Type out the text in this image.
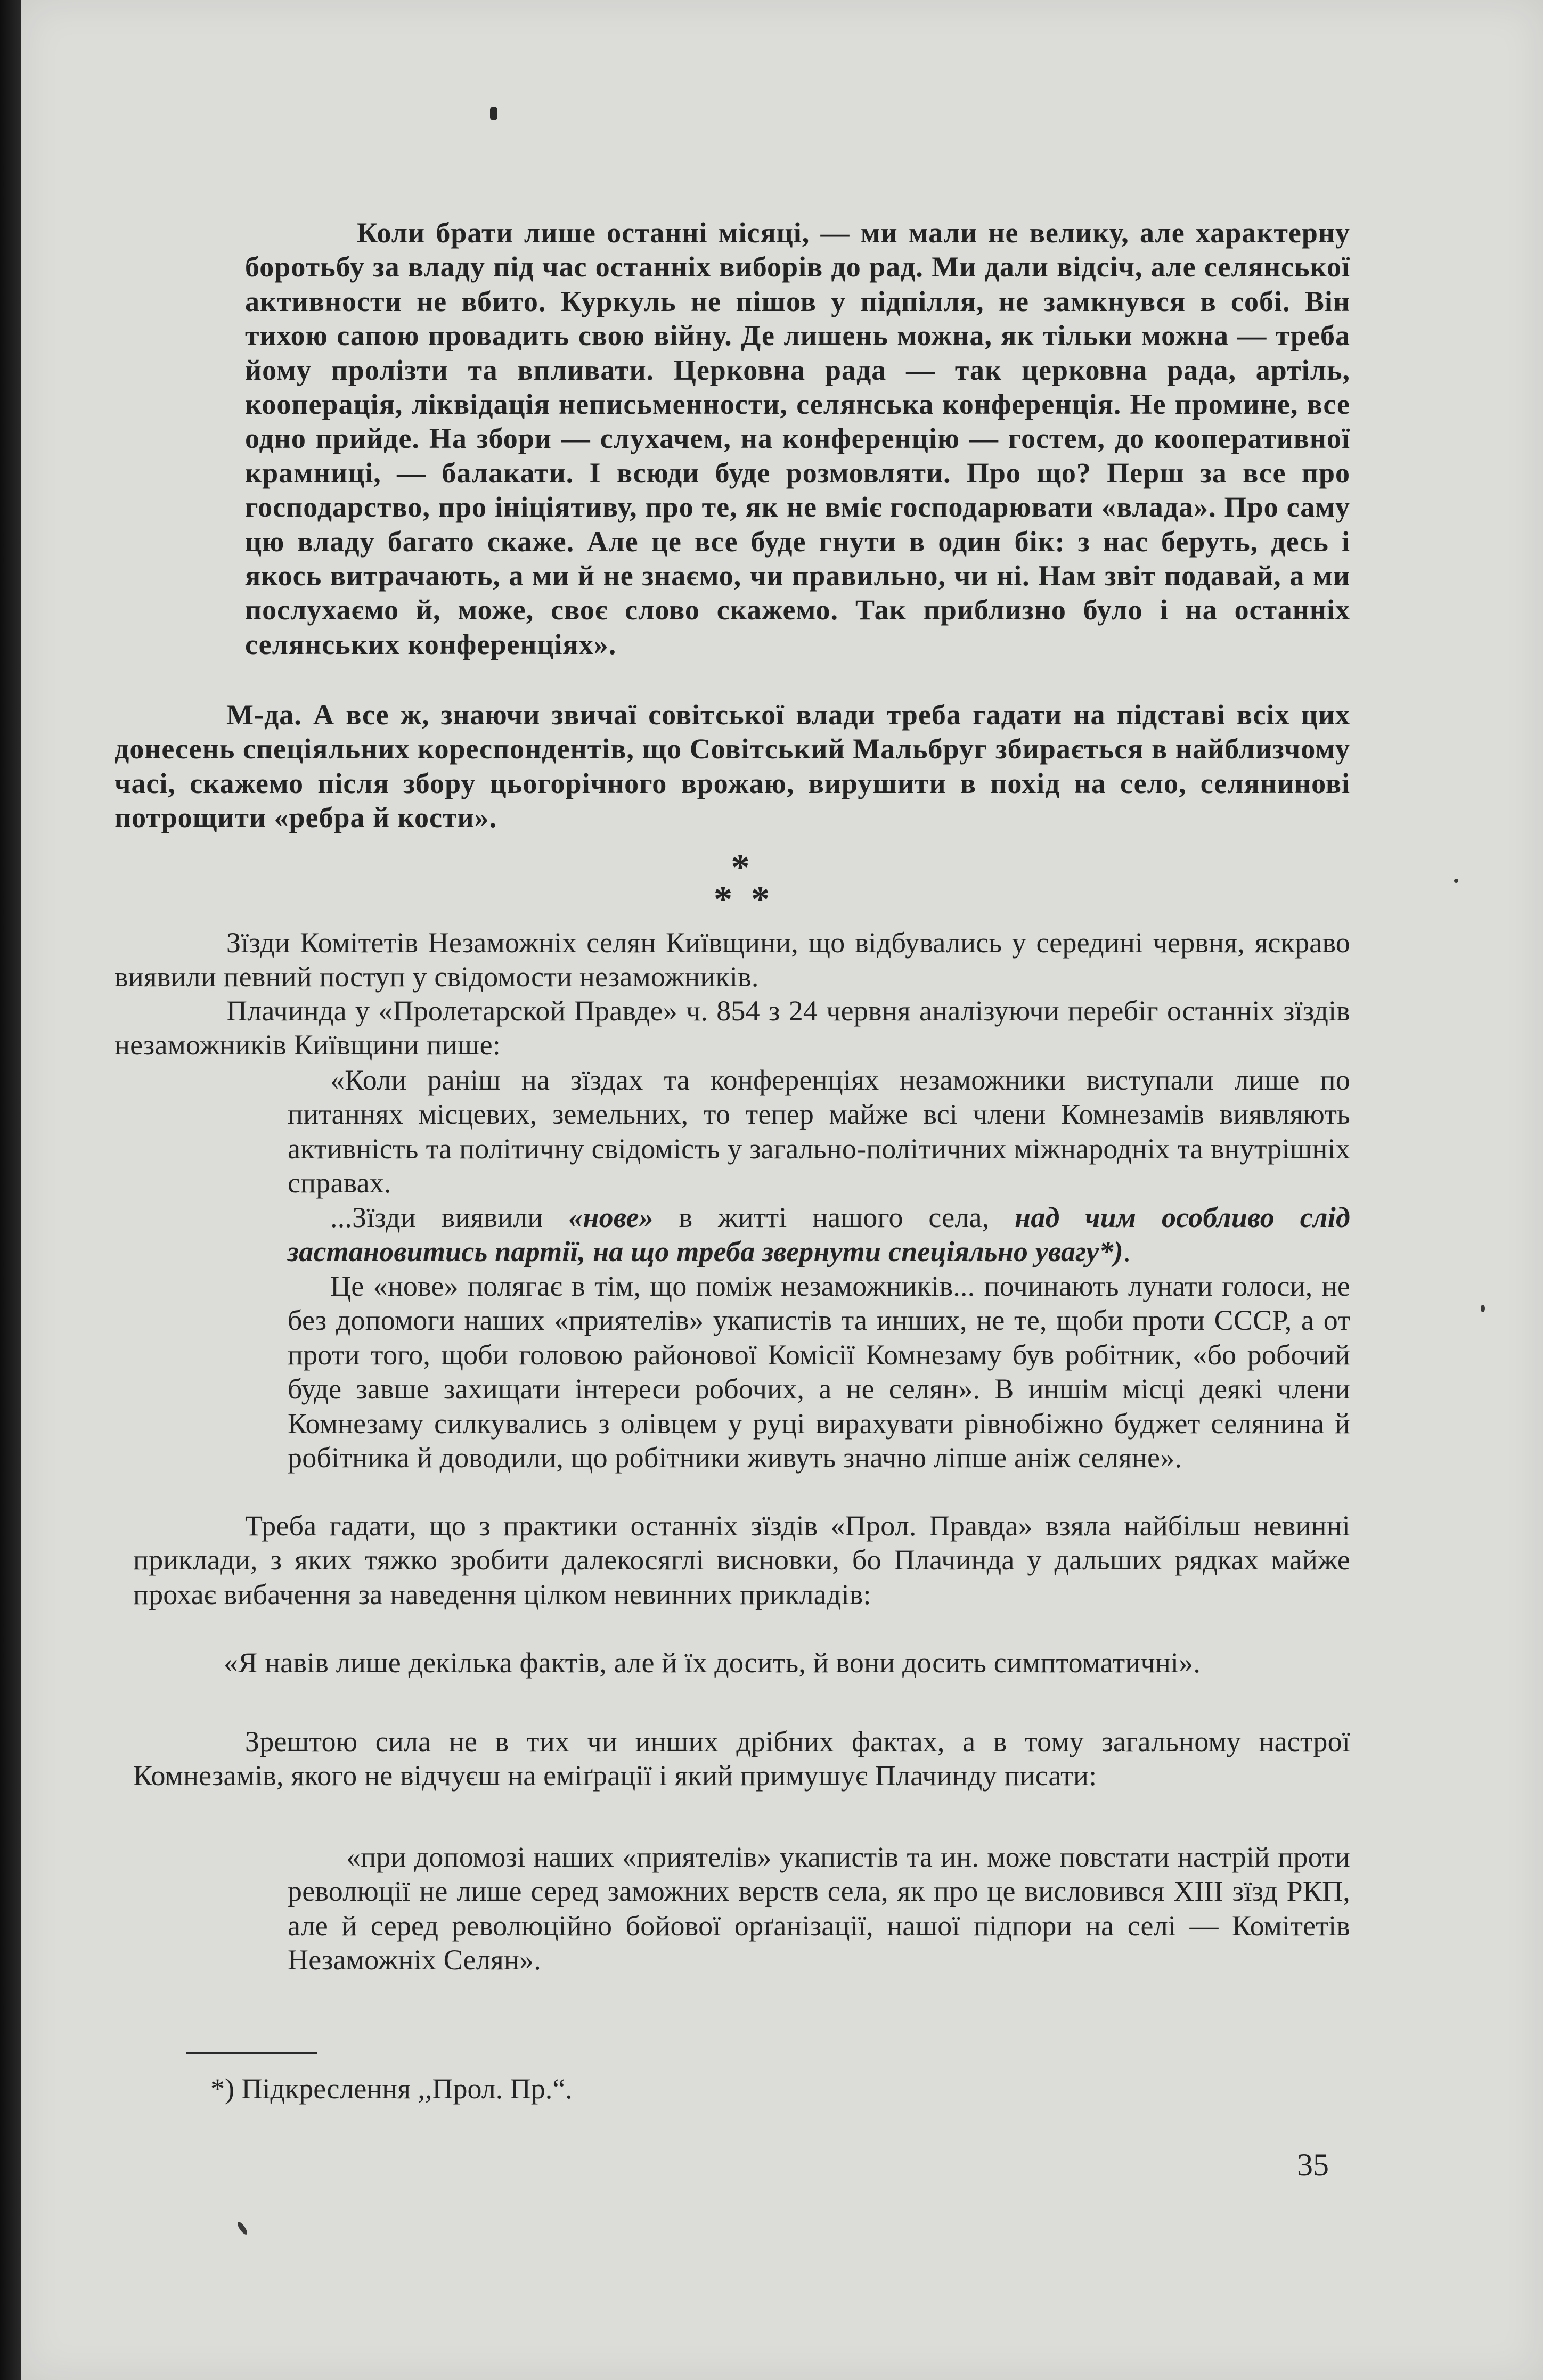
Коли брати лише останні місяці, — ми мали не велику, але характерну боротьбу за владу під час останніх виборів до рад. Ми дали відсіч, але селянської активности не вбито. Куркуль не пішов у підпілля, не замкнувся в собі. Він тихою сапою провадить свою війну. Де лишень можна, як тільки можна — треба йому пролізти та впливати. Церковна рада — так церковна рада, артіль, кооперація, ліквідація неписьменности, селянська конференція. Не промине, все одно прийде. На збори — слухачем, на конференцію — гостем, до кооперативної крамниці, — балакати. І всюди буде розмовляти. Про що? Перш за все про господарство, про ініціятиву, про те, як не вміє господарювати «влада». Про саму цю владу багато скаже. Але це все буде гнути в один бік: з нас беруть, десь і якось витрачають, а ми й не знаємо, чи правильно, чи ні. Нам звіт подавай, а ми послухаємо й, може, своє слово скажемо. Так приблизно було і на останніх селянських конференціях».

М-да. А все ж, знаючи звичаї совітської влади треба гадати на підставі всіх цих донесень спеціяльних кореспондентів, що Совітський Мальбруг збирається в найблизчому часі, скажемо після збору цьогорічного врожаю, вирушити в похід на село, селянинові потрощити «ребра й кости».

*
*  *

Зїзди Комітетів Незаможніх селян Київщини, що відбувались у середині червня, яскраво виявили певний поступ у свідомости незаможників.

Плачинда у «Пролетарской Правде» ч. 854 з 24 червня аналізуючи перебіг останніх зїздів незаможників Київщини пише:

«Коли раніш на зїздах та конференціях незаможники виступали лише по питаннях місцевих, земельних, то тепер майже всі члени Комнезамів виявляють активність та політичну свідомість у загально-політичних міжнародніх та внутрішніх справах.

...Зїзди виявили «нове» в житті нашого села, над чим особливо слід застановитись партії, на що треба звернути спеціяльно увагу*).

Це «нове» полягає в тім, що поміж незаможників... починають лунати голоси, не без допомоги наших «приятелів» укапистів та инших, не те, щоби проти СССР, а от проти того, щоби головою районової Комісії Комнезаму був робітник, «бо робочий буде завше захищати інтереси робочих, а не селян». В иншім місці деякі члени Комнезаму силкувались з олівцем у руці вирахувати рівнобіжно буджет селянина й робітника й доводили, що робітники живуть значно ліпше аніж селяне».

Треба гадати, що з практики останніх зїздів «Прол. Правда» взяла найбільш невинні приклади, з яких тяжко зробити далекосяглі висновки, бо Плачинда у дальших рядках майже прохає вибачення за наведення цілком невинних прикладів:

«Я навів лише декілька фактів, але й їх досить, й вони досить симптоматичні».

Зрештою сила не в тих чи инших дрібних фактах, а в тому загальному настрої Комнезамів, якого не відчуєш на еміґрації і який примушує Плачинду писати:

«при допомозі наших «приятелів» укапистів та ин. може повстати настрій проти революції не лише серед заможних верств села, як про це висловився XIII зїзд РКП, але й серед революційно бойової орґанізації, нашої підпори на селі — Комітетів Незаможніх Селян».

*) Підкреслення ,,Прол. Пр.“.
35
